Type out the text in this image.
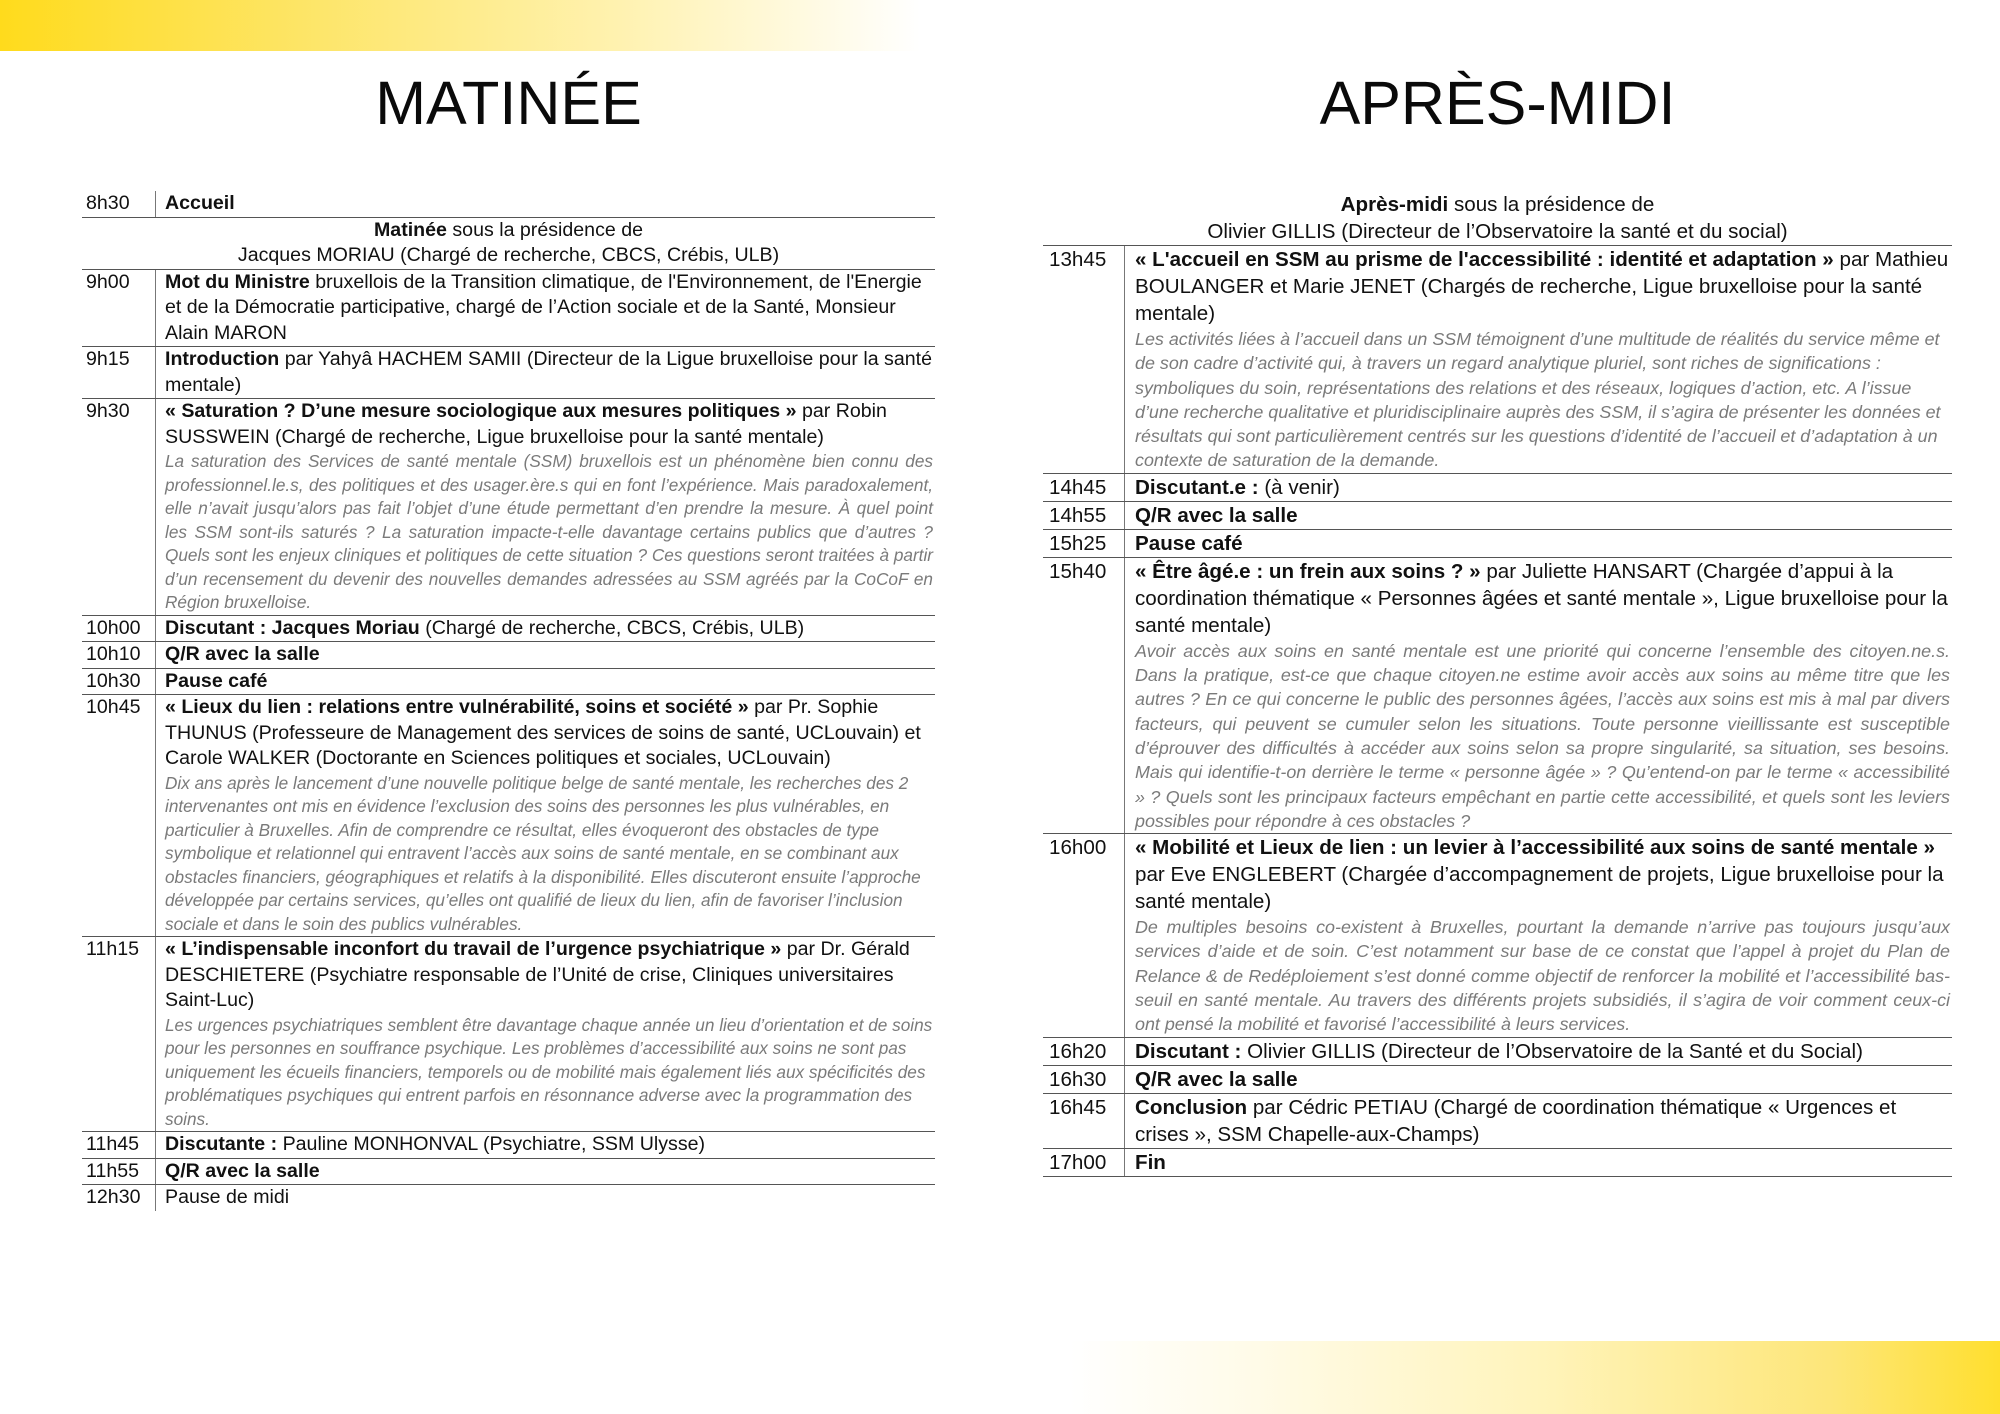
MATINÉE	APRÈS-MIDI
8h30	Accueil
Matinée sous la présidence de
Jacques MORIAU (Chargé de recherche, CBCS, Crébis, ULB)
9h00	Mot du Ministre bruxellois de la Transition climatique, de l'Environnement, de l'Energie et de la Démocratie participative, chargé de l’Action sociale et de la Santé, Monsieur Alain MARON
9h15	Introduction par Yahyâ HACHEM SAMII (Directeur de la Ligue bruxelloise pour la santé mentale)
9h30	« Saturation ? D’une mesure sociologique aux mesures politiques » par Robin SUSSWEIN (Chargé de recherche, Ligue bruxelloise pour la santé mentale)
La saturation des Services de santé mentale (SSM) bruxellois est un phénomène bien connu des professionnel.le.s, des politiques et des usager.ère.s qui en font l’expérience. Mais paradoxalement, elle n’avait jusqu’alors pas fait l’objet d’une étude permettant d’en prendre la mesure. À quel point les SSM sont-ils saturés ? La saturation impacte-t-elle davantage certains publics que d’autres ? Quels sont les enjeux cliniques et politiques de cette situation ? Ces questions seront traitées à partir d’un recensement du devenir des nouvelles demandes adressées au SSM agréés par la CoCoF en Région bruxelloise.
10h00	Discutant : Jacques Moriau (Chargé de recherche, CBCS, Crébis, ULB)
10h10	Q/R avec la salle
10h30	Pause café
10h45	« Lieux du lien : relations entre vulnérabilité, soins et société » par Pr. Sophie THUNUS (Professeure de Management des services de soins de santé, UCLouvain) et Carole WALKER (Doctorante en Sciences politiques et sociales, UCLouvain)
Dix ans après le lancement d’une nouvelle politique belge de santé mentale, les recherches des 2 intervenantes ont mis en évidence l’exclusion des soins des personnes les plus vulnérables, en particulier à Bruxelles. Afin de comprendre ce résultat, elles évoqueront des obstacles de type symbolique et relationnel qui entravent l’accès aux soins de santé mentale, en se combinant aux obstacles financiers, géographiques et relatifs à la disponibilité. Elles discuteront ensuite l’approche développée par certains services, qu’elles ont qualifié de lieux du lien, afin de favoriser l’inclusion sociale et dans le soin des publics vulnérables.
11h15	« L’indispensable inconfort du travail de l’urgence psychiatrique » par Dr. Gérald DESCHIETERE (Psychiatre responsable de l’Unité de crise, Cliniques universitaires Saint-Luc)
Les urgences psychiatriques semblent être davantage chaque année un lieu d’orientation et de soins pour les personnes en souffrance psychique. Les problèmes d’accessibilité aux soins ne sont pas uniquement les écueils financiers, temporels ou de mobilité mais également liés aux spécificités des problématiques psychiques qui entrent parfois en résonnance adverse avec la programmation des soins.
11h45	Discutante : Pauline MONHONVAL (Psychiatre, SSM Ulysse)
11h55	Q/R avec la salle
12h30	Pause de midi
Après-midi sous la présidence de
Olivier GILLIS (Directeur de l’Observatoire la santé et du social)
13h45	« L'accueil en SSM au prisme de l'accessibilité : identité et adaptation » par Mathieu BOULANGER et Marie JENET (Chargés de recherche, Ligue bruxelloise pour la santé mentale)
Les activités liées à l’accueil dans un SSM témoignent d’une multitude de réalités du service même et de son cadre d’activité qui, à travers un regard analytique pluriel, sont riches de significations : symboliques du soin, représentations des relations et des réseaux, logiques d’action, etc. A l’issue d’une recherche qualitative et pluridisciplinaire auprès des SSM, il s’agira de présenter les données et résultats qui sont particulièrement centrés sur les questions d’identité de l’accueil et d’adaptation à un contexte de saturation de la demande.
14h45	Discutant.e : (à venir)
14h55	Q/R avec la salle
15h25	Pause café
15h40	« Être âgé.e : un frein aux soins ? » par Juliette HANSART (Chargée d’appui à la coordination thématique « Personnes âgées et santé mentale », Ligue bruxelloise pour la santé mentale)
Avoir accès aux soins en santé mentale est une priorité qui concerne l’ensemble des citoyen.ne.s. Dans la pratique, est-ce que chaque citoyen.ne estime avoir accès aux soins au même titre que les autres ? En ce qui concerne le public des personnes âgées, l’accès aux soins est mis à mal par divers facteurs, qui peuvent se cumuler selon les situations. Toute personne vieillissante est susceptible d’éprouver des difficultés à accéder aux soins selon sa propre singularité, sa situation, ses besoins. Mais qui identifie-t-on derrière le terme « personne âgée » ? Qu’entend-on par le terme « accessibilité » ? Quels sont les principaux facteurs empêchant en partie cette accessibilité, et quels sont les leviers possibles pour répondre à ces obstacles ?
16h00	« Mobilité et Lieux de lien : un levier à l’accessibilité aux soins de santé mentale » par Eve ENGLEBERT (Chargée d’accompagnement de projets, Ligue bruxelloise pour la santé mentale)
De multiples besoins co-existent à Bruxelles, pourtant la demande n’arrive pas toujours jusqu’aux services d’aide et de soin. C’est notamment sur base de ce constat que l’appel à projet du Plan de Relance & de Redéploiement s’est donné comme objectif de renforcer la mobilité et l’accessibilité bas-seuil en santé mentale. Au travers des différents projets subsidiés, il s’agira de voir comment ceux-ci ont pensé la mobilité et favorisé l’accessibilité à leurs services.
16h20	Discutant : Olivier GILLIS (Directeur de l’Observatoire de la Santé et du Social)
16h30	Q/R avec la salle
16h45	Conclusion par Cédric PETIAU (Chargé de coordination thématique « Urgences et crises », SSM Chapelle-aux-Champs)
17h00	Fin
